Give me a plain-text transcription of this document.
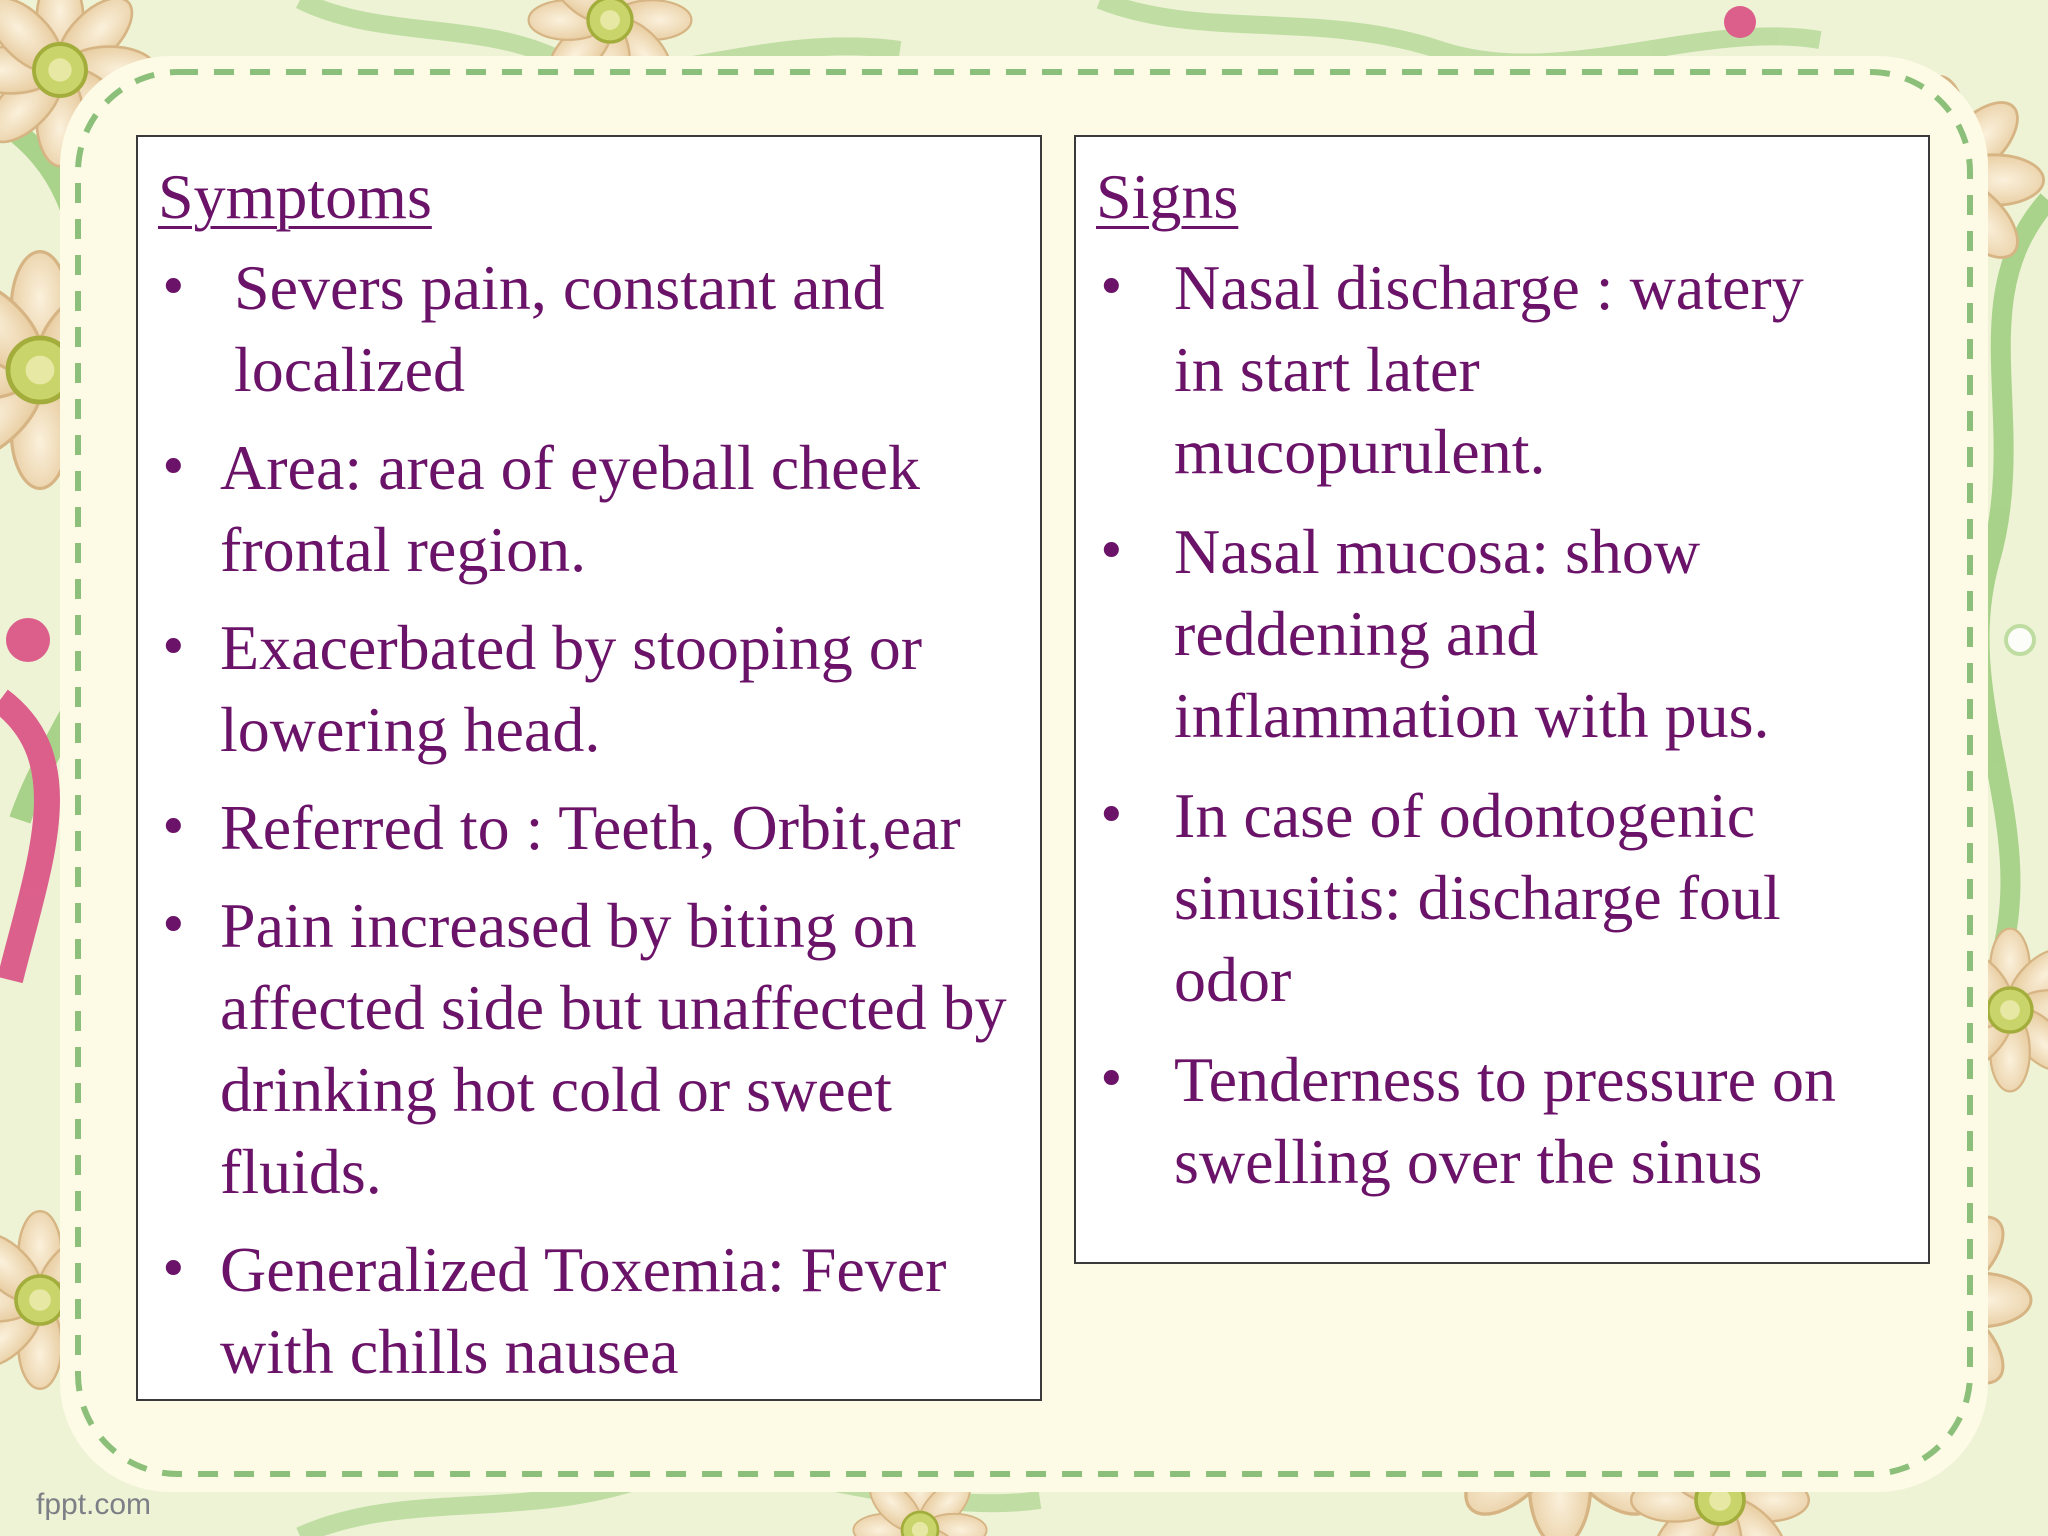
Symptoms
• Severs pain, constant and localized
• Area: area of eyeball cheek frontal region.
• Exacerbated by stooping or lowering head.
• Referred to : Teeth, Orbit,ear
• Pain increased by biting on affected side but unaffected by drinking hot cold or sweet fluids.
• Generalized Toxemia: Fever with chills nausea
Signs
• Nasal discharge : watery in start later mucopurulent.
• Nasal mucosa: show reddening and inflammation with pus.
• In case of odontogenic sinusitis: discharge foul odor
• Tenderness to pressure on swelling over the sinus
fppt.com
